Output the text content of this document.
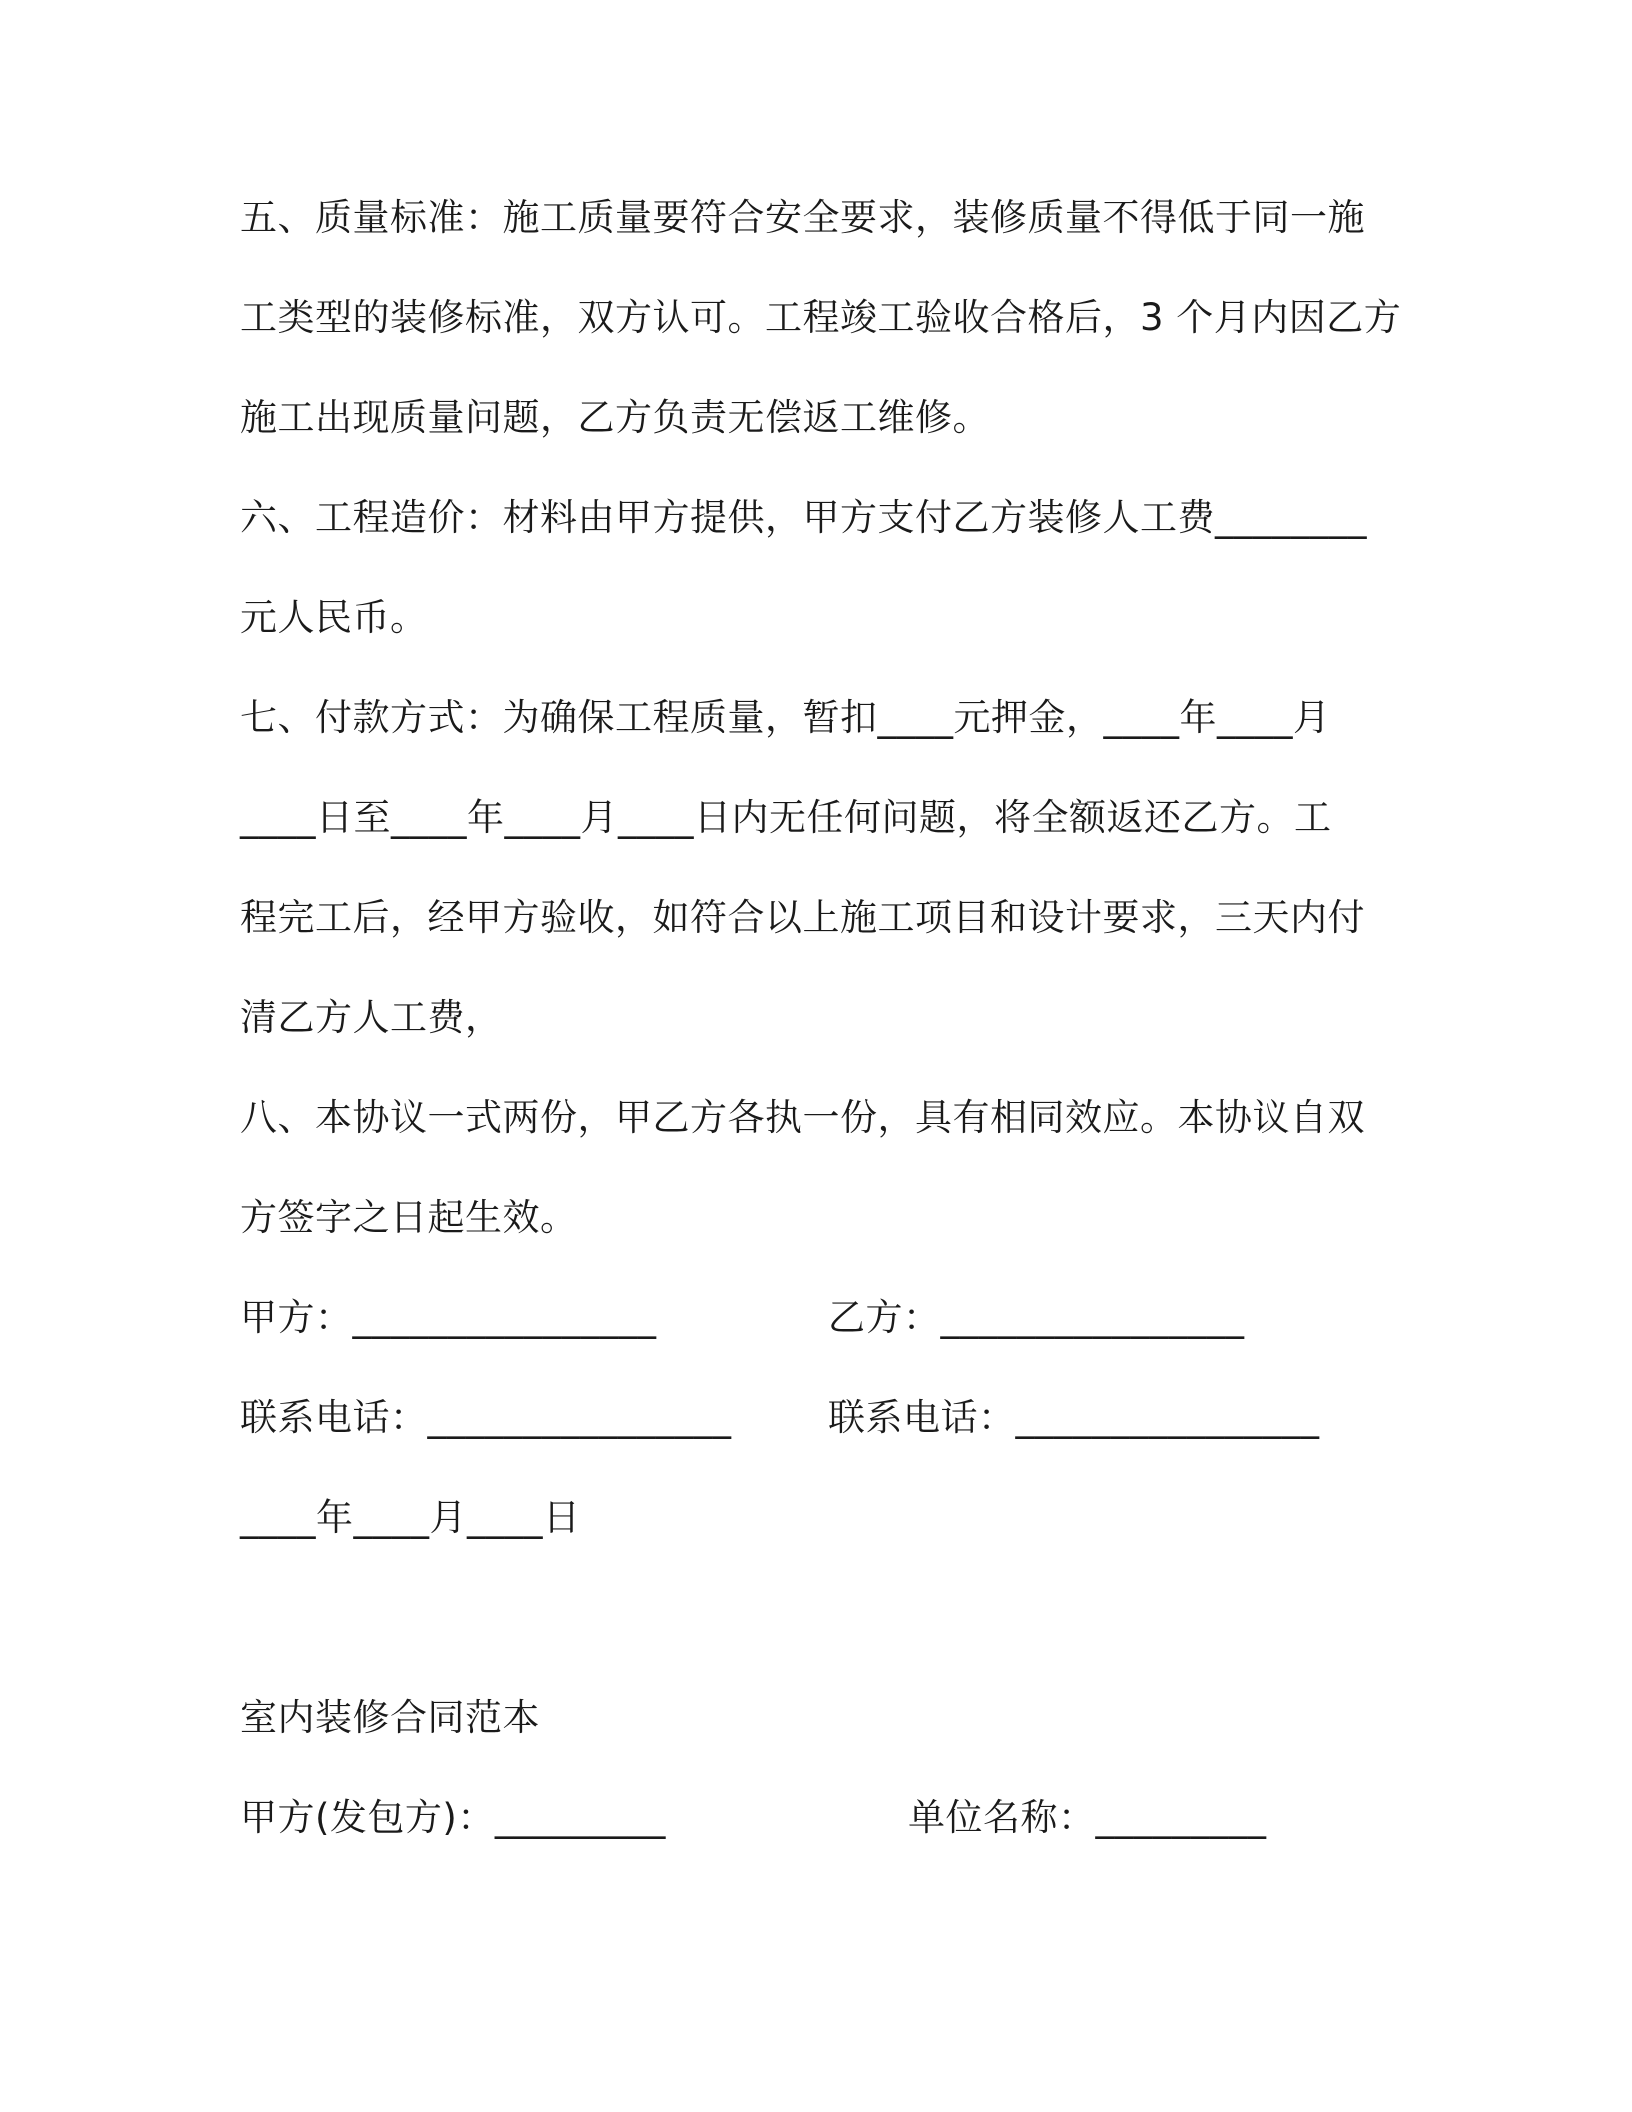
五、质量标准：施工质量要符合安全要求，装修质量不得低于同一施
工类型的装修标准，双方认可。工程竣工验收合格后，3 个月内因乙方
施工出现质量问题，乙方负责无偿返工维修。
六、工程造价：材料由甲方提供，甲方支付乙方装修人工费________
元人民币。
七、付款方式：为确保工程质量，暂扣____元押金，____年____月
____日至____年____月____日内无任何问题，将全额返还乙方。工
程完工后，经甲方验收，如符合以上施工项目和设计要求，三天内付
清乙方人工费，
八、本协议一式两份，甲乙方各执一份，具有相同效应。本协议自双
方签字之日起生效。
甲方：________________	乙方：________________
联系电话：________________	联系电话：________________
____年____月____日
室内装修合同范本
甲方(发包方)：_________	单位名称：_________
